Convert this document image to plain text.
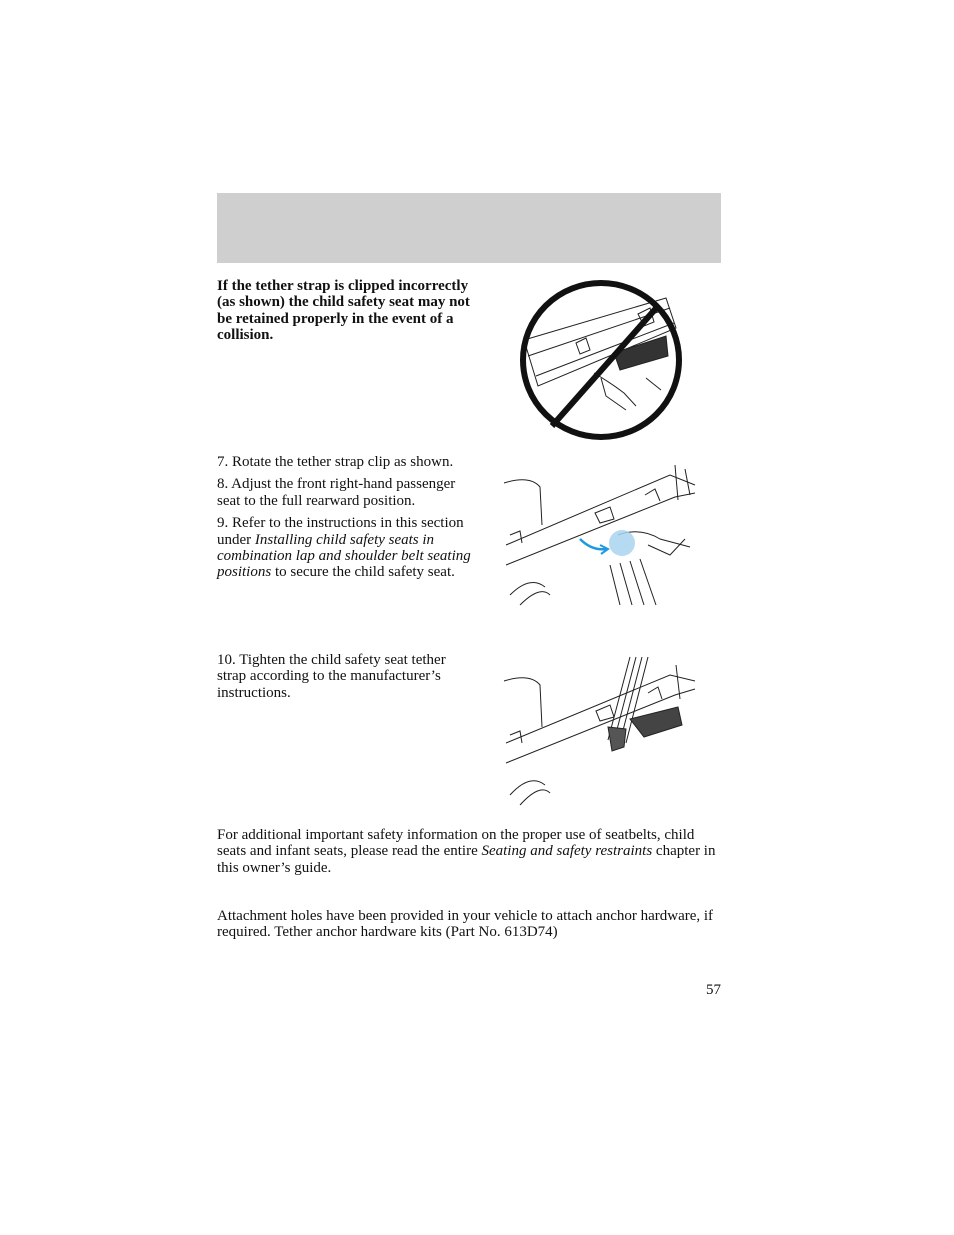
If the tether strap is clipped incorrectly (as shown) the child safety seat may not be retained properly in the event of a collision.

7. Rotate the tether strap clip as shown.

8. Adjust the front right-hand passenger seat to the full rearward position.

9. Refer to the instructions in this section under Installing child safety seats in combination lap and shoulder belt seating positions to secure the child safety seat.

10. Tighten the child safety seat tether strap according to the manufacturer’s instructions.

For additional important safety information on the proper use of seatbelts, child seats and infant seats, please read the entire Seating and safety restraints chapter in this owner’s guide.
Attachment holes have been provided in your vehicle to attach anchor hardware, if required. Tether anchor hardware kits (Part No. 613D74)
57
